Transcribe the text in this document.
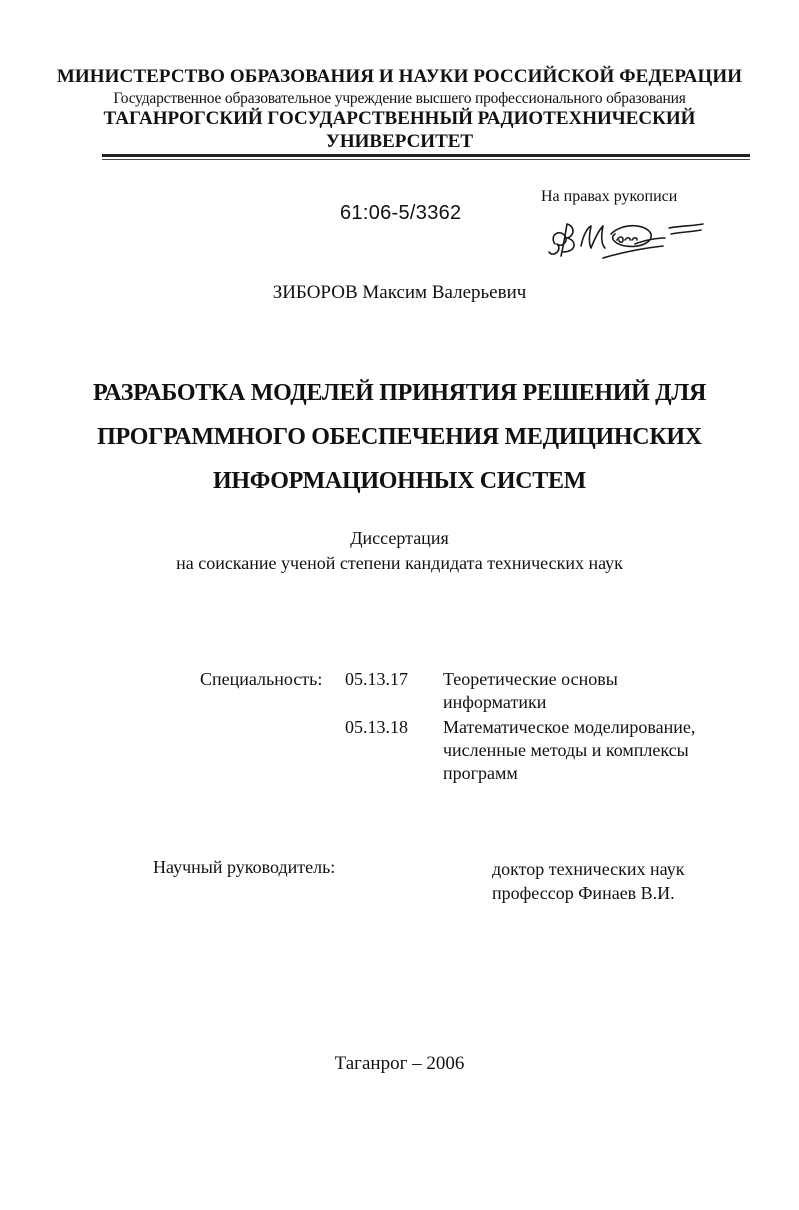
МИНИСТЕРСТВО ОБРАЗОВАНИЯ И НАУКИ РОССИЙСКОЙ ФЕДЕРАЦИИ
Государственное образовательное учреждение высшего профессионального образования
ТАГАНРОГСКИЙ ГОСУДАРСТВЕННЫЙ РАДИОТЕХНИЧЕСКИЙ
УНИВЕРСИТЕТ
61:06-5/3362
На правах рукописи
ЗИБОРОВ Максим Валерьевич
РАЗРАБОТКА МОДЕЛЕЙ ПРИНЯТИЯ РЕШЕНИЙ ДЛЯ
ПРОГРАММНОГО ОБЕСПЕЧЕНИЯ МЕДИЦИНСКИХ
ИНФОРМАЦИОННЫХ СИСТЕМ
Диссертация
на соискание ученой степени кандидата технических наук
Специальность: 05.13.17 Теоретические основы
информатики
05.13.18 Математическое моделирование,
численные методы и комплексы
программ
Научный руководитель:	доктор технических наук
профессор Финаев В.И.
Таганрог – 2006
